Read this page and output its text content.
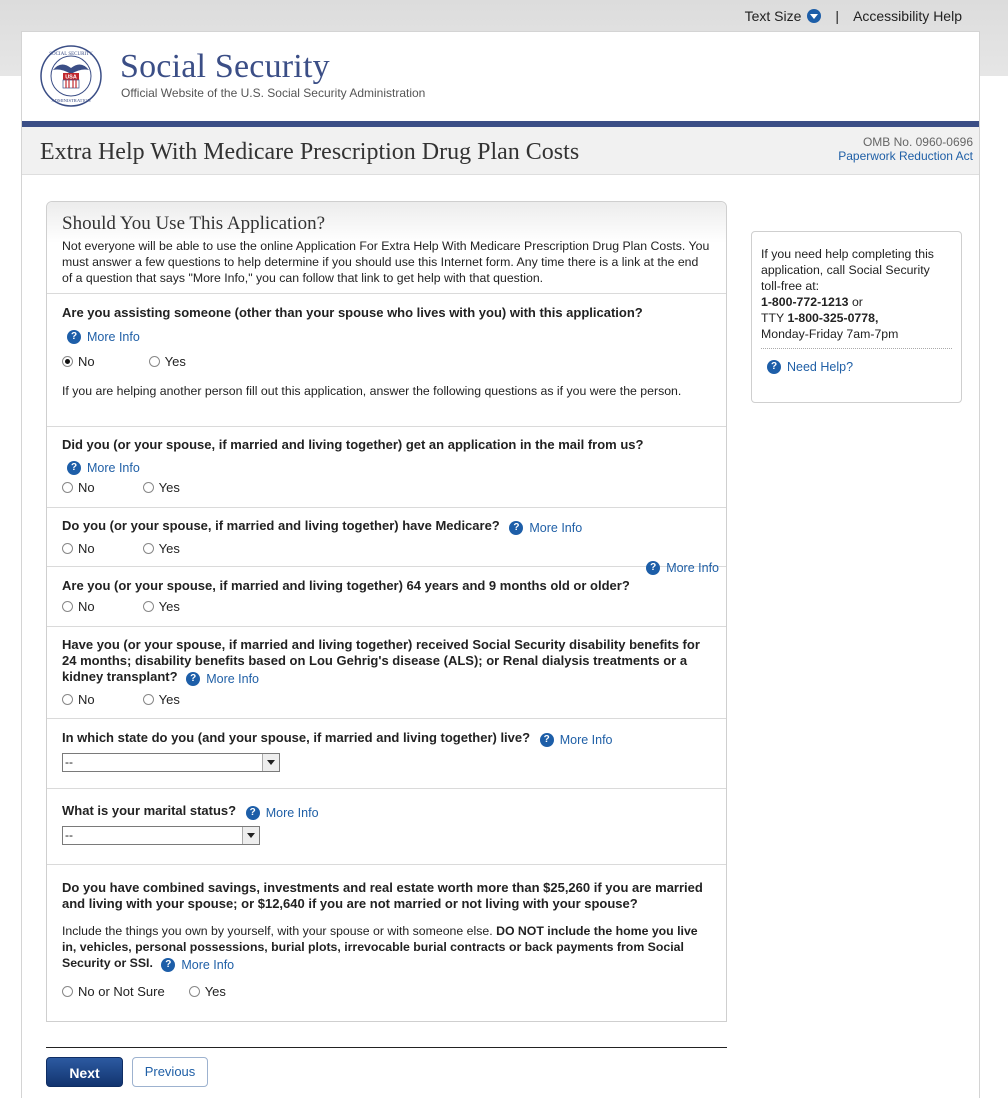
Text Size | Accessibility Help
USA
SOCIAL SECURITY
ADMINISTRATION
Social Security
Official Website of the U.S. Social Security Administration
Extra Help With Medicare Prescription Drug Plan Costs	OMB No. 0960-0696
Paperwork Reduction Act
Should You Use This Application?

Not everyone will be able to use the online Application For Extra Help With Medicare Prescription Drug Plan Costs. You must answer a few questions to help determine if you should use this Internet form. Any time there is a link at the end of a question that says "More Info," you can follow that link to get help with that question.

Are you assisting someone (other than your spouse who lives with you) with this application?
? More Info
No	Yes
If you are helping another person fill out this application, answer the following questions as if you were the person.
Did you (or your spouse, if married and living together) get an application in the mail from us?
? More Info
No	Yes
Do you (or your spouse, if married and living together) have Medicare?	? More Info
No	Yes
? More Info
Are you (or your spouse, if married and living together) 64 years and 9 months old or older?
No	Yes
Have you (or your spouse, if married and living together) received Social Security disability benefits for 24 months; disability benefits based on Lou Gehrig's disease (ALS); or Renal dialysis treatments or a kidney transplant?	? More Info
No	Yes
In which state do you (and your spouse, if married and living together) live?	? More Info
--
What is your marital status?	? More Info
--
Do you have combined savings, investments and real estate worth more than $25,260 if you are married and living with your spouse; or $12,640 if you are not married or not living with your spouse?
Include the things you own by yourself, with your spouse or with someone else. DO NOT include the home you live in, vehicles, personal possessions, burial plots, irrevocable burial contracts or back payments from Social Security or SSI.	? More Info
No or Not Sure	Yes
If you need help completing this application, call Social Security toll-free at:
1-800-772-1213 or
TTY 1-800-325-0778,
Monday-Friday 7am-7pm
? Need Help?
Next	Previous
